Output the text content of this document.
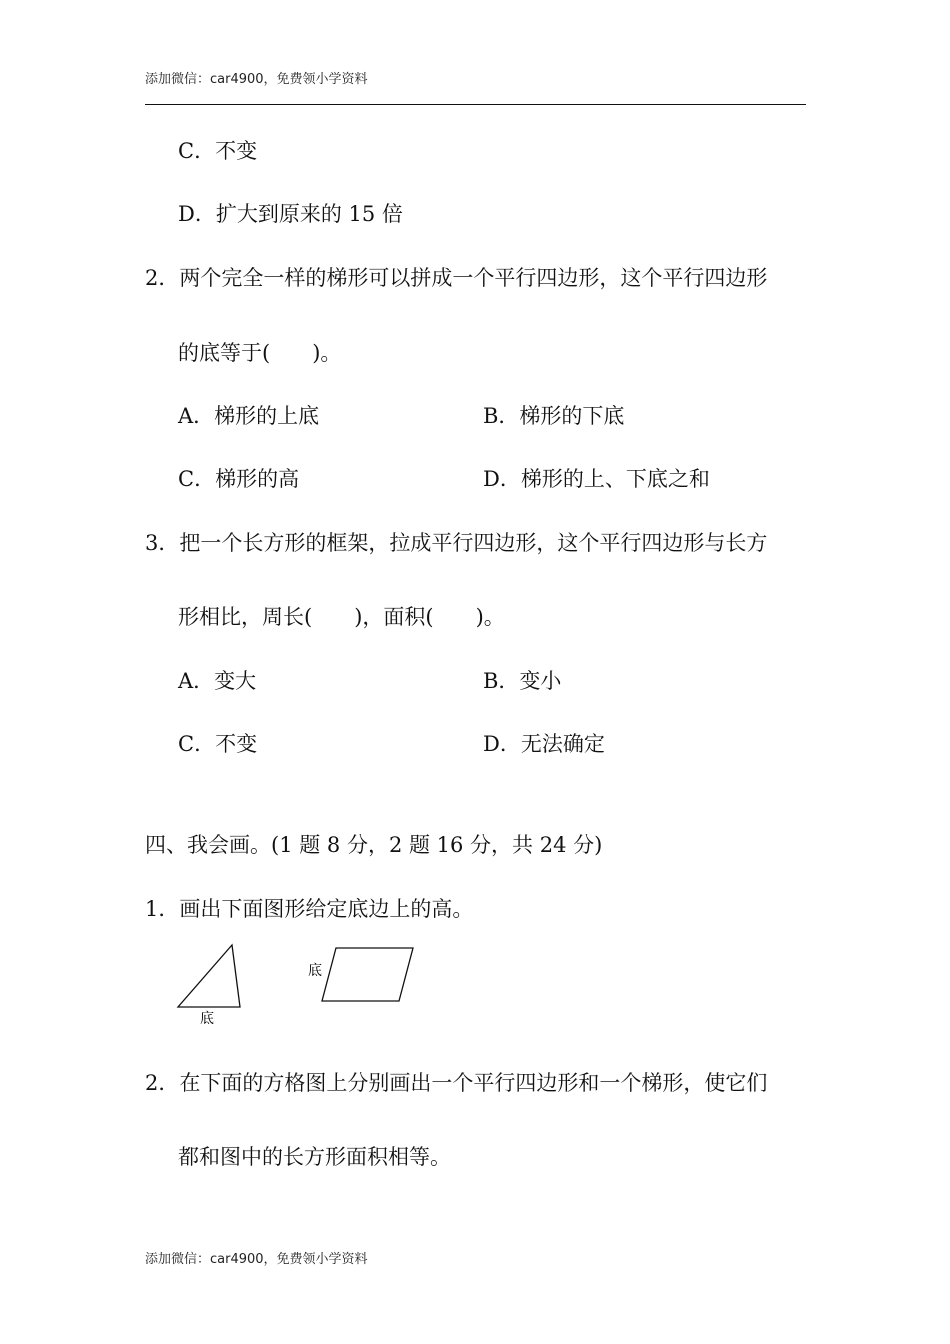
添加微信：car4900，免费领小学资料
C．不变
D．扩大到原来的 15 倍
2．两个完全一样的梯形可以拼成一个平行四边形，这个平行四边形
的底等于(　　)。
A．梯形的上底	B．梯形的下底
C．梯形的高	D．梯形的上、下底之和
3．把一个长方形的框架，拉成平行四边形，这个平行四边形与长方
形相比，周长(　　)，面积(　　)。
A．变大	B．变小
C．不变	D．无法确定
四、我会画。(1 题 8 分，2 题 16 分，共 24 分)
1．画出下面图形给定底边上的高。
底
底
2．在下面的方格图上分别画出一个平行四边形和一个梯形，使它们
都和图中的长方形面积相等。
添加微信：car4900，免费领小学资料
